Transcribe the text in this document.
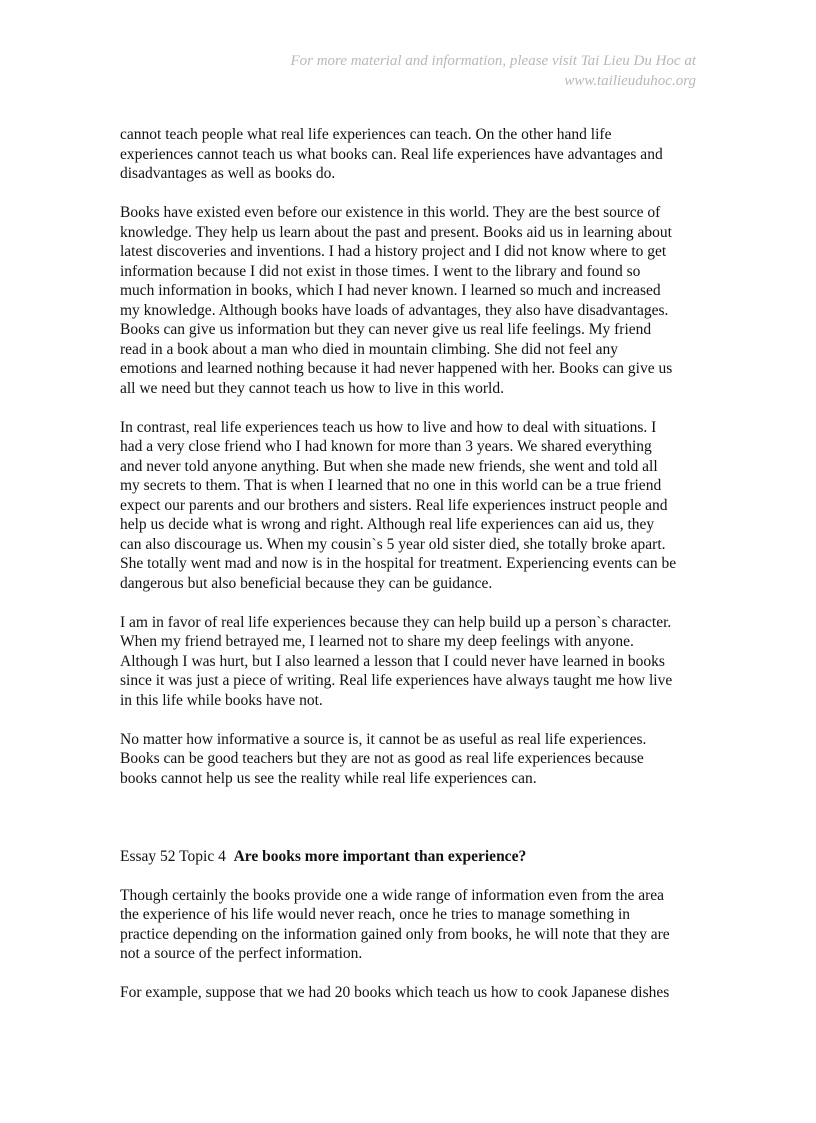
For more material and information, please visit Tai Lieu Du Hoc at
www.tailieuduhoc.org
cannot teach people what real life experiences can teach. On the other hand life
experiences cannot teach us what books can. Real life experiences have advantages and
disadvantages as well as books do.
Books have existed even before our existence in this world. They are the best source of
knowledge. They help us learn about the past and present. Books aid us in learning about
latest discoveries and inventions. I had a history project and I did not know where to get
information because I did not exist in those times. I went to the library and found so
much information in books, which I had never known. I learned so much and increased
my knowledge. Although books have loads of advantages, they also have disadvantages.
Books can give us information but they can never give us real life feelings. My friend
read in a book about a man who died in mountain climbing. She did not feel any
emotions and learned nothing because it had never happened with her. Books can give us
all we need but they cannot teach us how to live in this world.
In contrast, real life experiences teach us how to live and how to deal with situations. I
had a very close friend who I had known for more than 3 years. We shared everything
and never told anyone anything. But when she made new friends, she went and told all
my secrets to them. That is when I learned that no one in this world can be a true friend
expect our parents and our brothers and sisters. Real life experiences instruct people and
help us decide what is wrong and right. Although real life experiences can aid us, they
can also discourage us. When my cousin`s 5 year old sister died, she totally broke apart.
She totally went mad and now is in the hospital for treatment. Experiencing events can be
dangerous but also beneficial because they can be guidance.
I am in favor of real life experiences because they can help build up a person`s character.
When my friend betrayed me, I learned not to share my deep feelings with anyone.
Although I was hurt, but I also learned a lesson that I could never have learned in books
since it was just a piece of writing. Real life experiences have always taught me how live
in this life while books have not.
No matter how informative a source is, it cannot be as useful as real life experiences.
Books can be good teachers but they are not as good as real life experiences because
books cannot help us see the reality while real life experiences can.
Essay 52 Topic 4 Are books more important than experience?
Though certainly the books provide one a wide range of information even from the area
the experience of his life would never reach, once he tries to manage something in
practice depending on the information gained only from books, he will note that they are
not a source of the perfect information.
For example, suppose that we had 20 books which teach us how to cook Japanese dishes
